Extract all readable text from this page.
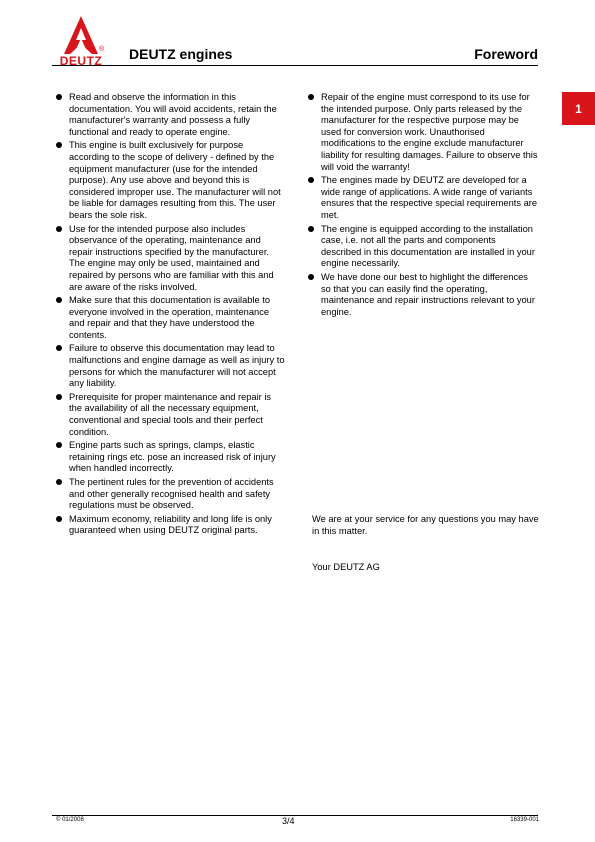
®
DEUTZ	DEUTZ engines	Foreword
1
Read and observe the information in this documentation. You will avoid accidents, retain the manufacturer's warranty and possess a fully functional and ready to operate engine.
This engine is built exclusively for purpose according to the scope of delivery - defined by the equipment manufacturer (use for the intended purpose). Any use above and beyond this is considered improper use. The manufacturer will not be liable for damages resulting from this. The user bears the sole risk.
Use for the intended purpose also includes observance of the operating, maintenance and repair instructions specified by the manufacturer. The engine may only be used, maintained and repaired by persons who are familiar with this and are aware of the risks involved.
Make sure that this documentation is available to everyone involved in the operation, maintenance and repair and that they have understood the contents.
Failure to observe this documentation may lead to malfunctions and engine damage as well as injury to persons for which the manufacturer will not accept any liability.
Prerequisite for proper maintenance and repair is the availability of all the necessary equipment, conventional and special tools and their perfect condition.
Engine parts such as springs, clamps, elastic retaining rings etc. pose an increased risk of injury when handled incorrectly.
The pertinent rules for the prevention of accidents and other generally recognised health and safety regulations must be observed.
Maximum economy, reliability and long life is only guaranteed when using DEUTZ original parts.
Repair of the engine must correspond to its use for the intended purpose. Only parts released by the manufacturer for the respective purpose may be used for conversion work. Unauthorised modifications to the engine exclude manufacturer liability for resulting damages. Failure to observe this will void the warranty!
The engines made by DEUTZ are developed for a wide range of applications. A wide range of variants ensures that the respective special requirements are met.
The engine is equipped according to the installation case, i.e. not all the parts and components described in this documentation are installed in your engine necessarily.
We have done our best to highlight the differences so that you can easily find the operating, maintenance and repair instructions relevant to your engine.
We are at your service for any questions you may have in this matter.
Your DEUTZ AG
© 01/2008	3/4	16339-001
